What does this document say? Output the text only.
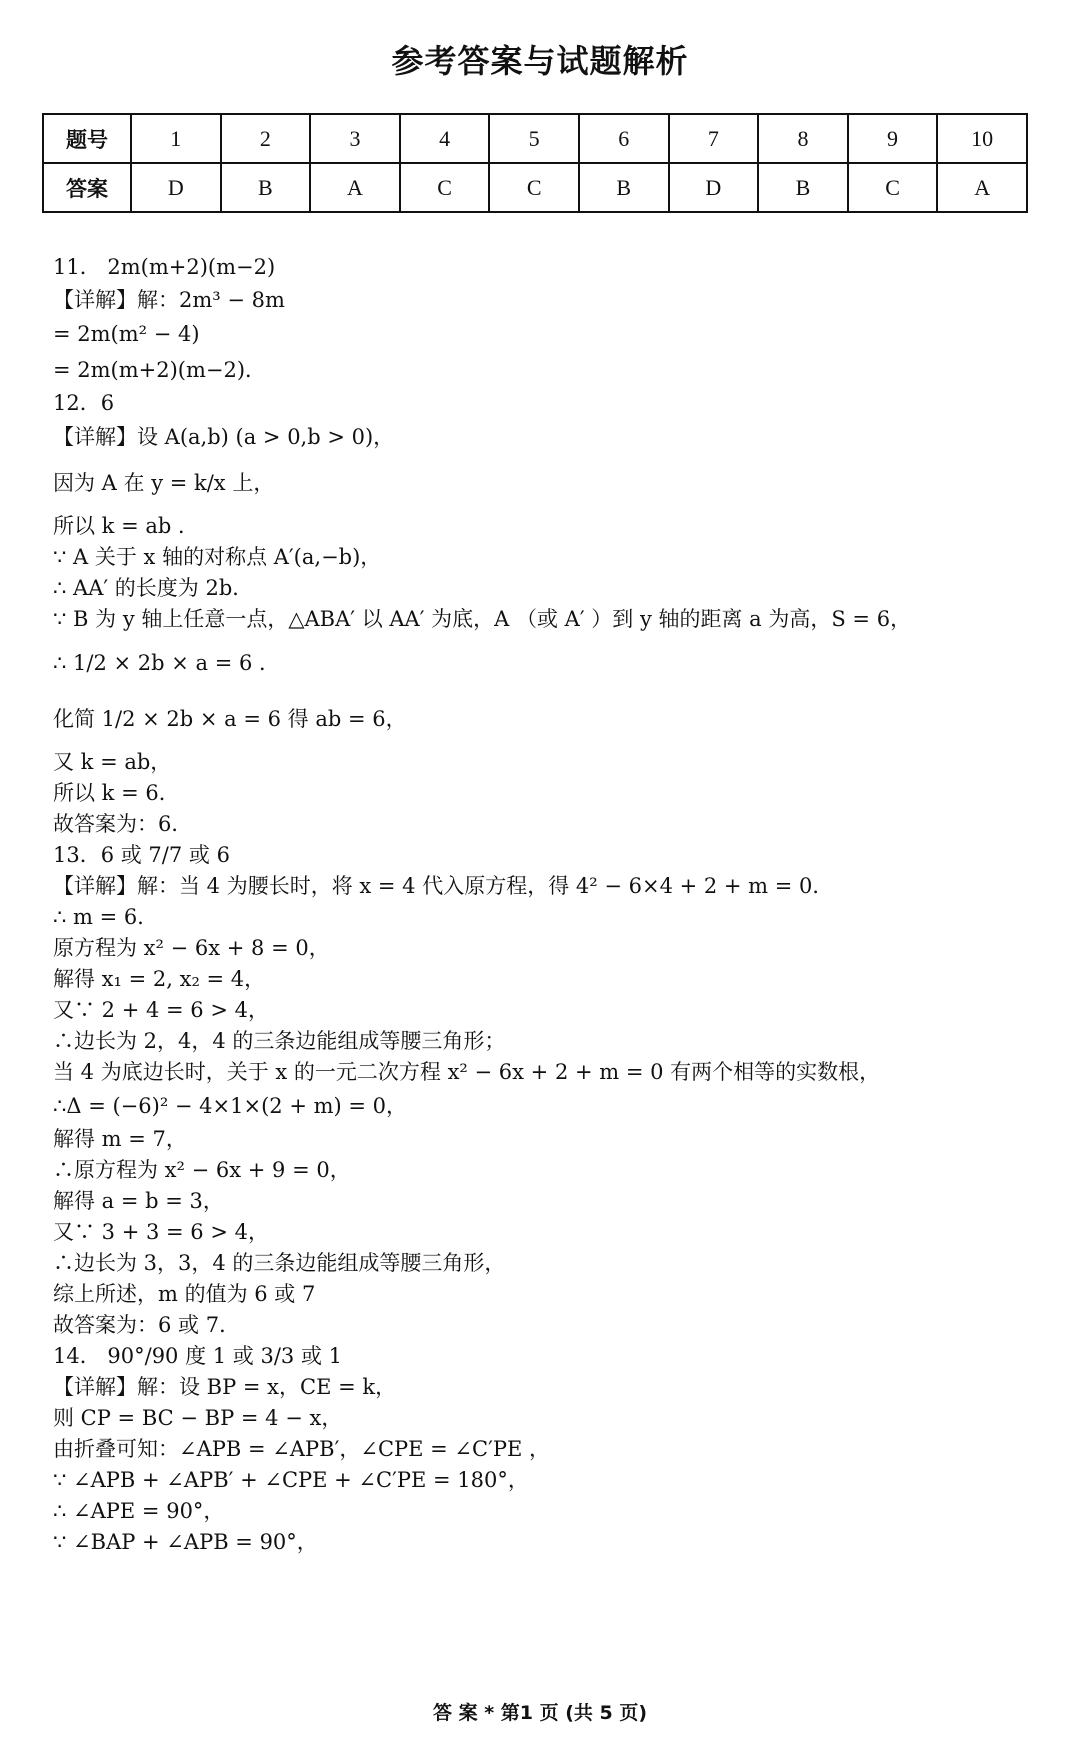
参考答案与试题解析
题号	1	2	3	4	5	6	7	8	9	10
答案	D	B	A	C	C	B	D	B	C	A
11． 2m(m+2)(m−2)
【详解】解：2m³ − 8m
= 2m(m² − 4)
= 2m(m+2)(m−2)．
12．6
【详解】设 A(a,b) (a > 0,b > 0)，
因为 A 在 y = k/x 上，
所以 k = ab ．
∵ A 关于 x 轴的对称点 A′(a,−b)，
∴ AA′ 的长度为 2b．
∵ B 为 y 轴上任意一点，△ABA′ 以 AA′ 为底，A （或 A′ ）到 y 轴的距离 a 为高，S = 6，
∴ 1/2 × 2b × a = 6 ．
化简 1/2 × 2b × a = 6 得 ab = 6，
又 k = ab，
所以 k = 6．
故答案为：6．
13．6 或 7/7 或 6
【详解】解：当 4 为腰长时，将 x = 4 代入原方程，得 4² − 6×4 + 2 + m = 0．
∴ m = 6．
原方程为 x² − 6x + 8 = 0，
解得 x₁ = 2, x₂ = 4，
又∵ 2 + 4 = 6 > 4，
∴边长为 2，4，4 的三条边能组成等腰三角形；
当 4 为底边长时，关于 x 的一元二次方程 x² − 6x + 2 + m = 0 有两个相等的实数根，
∴Δ = (−6)² − 4×1×(2 + m) = 0，
解得 m = 7，
∴原方程为 x² − 6x + 9 = 0，
解得 a = b = 3，
又∵ 3 + 3 = 6 > 4，
∴边长为 3，3，4 的三条边能组成等腰三角形，
综上所述，m 的值为 6 或 7
故答案为：6 或 7．
14． 90°/90 度 1 或 3/3 或 1
【详解】解：设 BP = x，CE = k，
则 CP = BC − BP = 4 − x，
由折叠可知：∠APB = ∠APB′，∠CPE = ∠C′PE ，
∵ ∠APB + ∠APB′ + ∠CPE + ∠C′PE = 180°，
∴ ∠APE = 90°，
∵ ∠BAP + ∠APB = 90°，
答 案 * 第1 页 (共 5 页)
